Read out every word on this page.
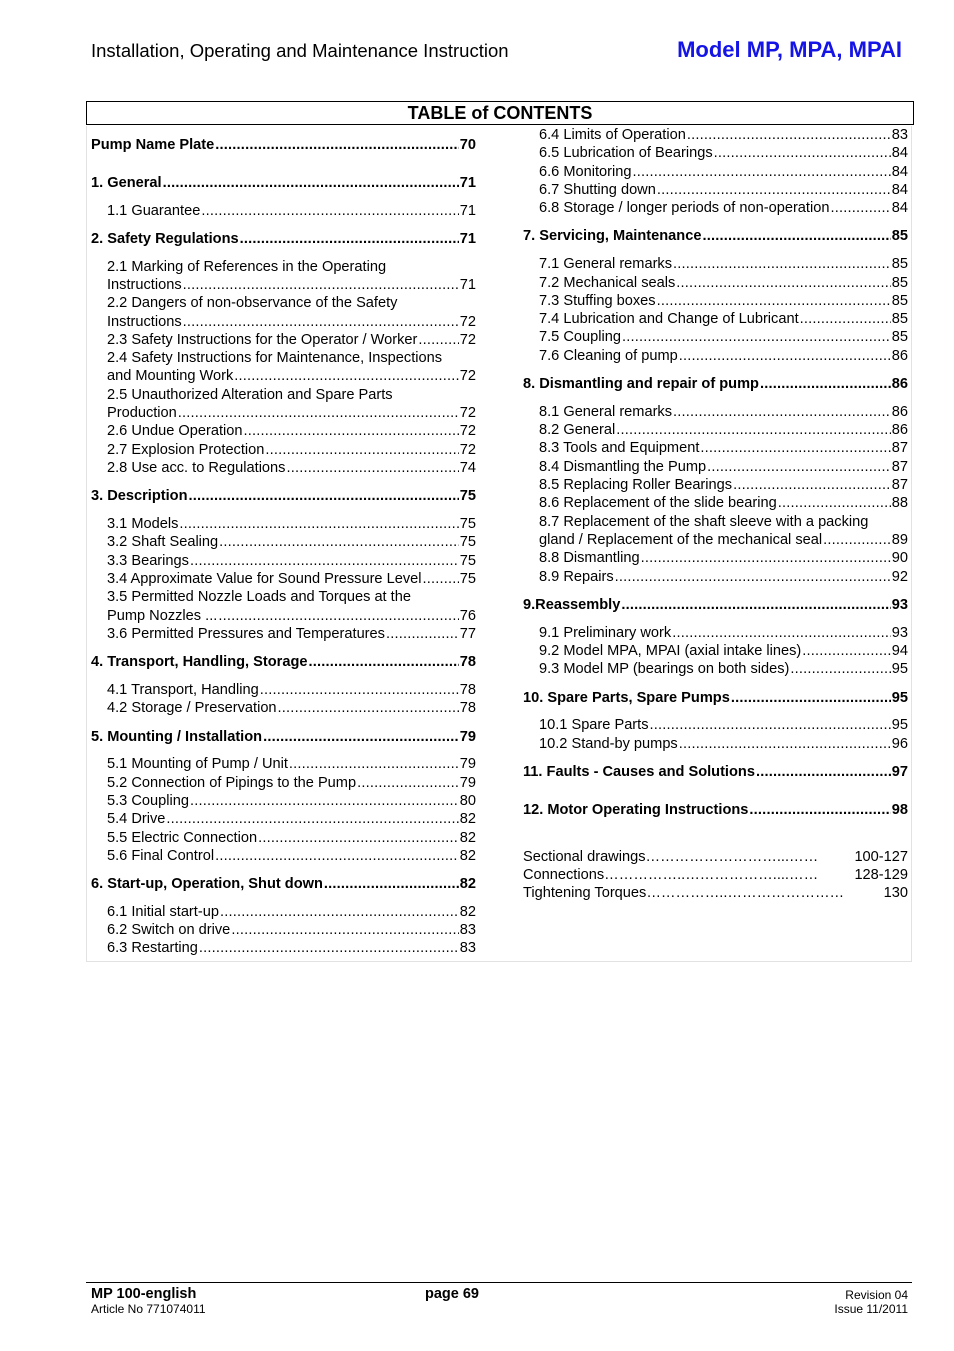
Installation, Operating and Maintenance Instruction	Model MP, MPA, MPAI
TABLE of CONTENTS
Pump Name Plate .....	70
1. General .....	71
1.1 Guarantee .....	71
2. Safety Regulations .....	71
2.1 Marking of References in the Operating
Instructions .....	71
2.2 Dangers of non-observance of the Safety
Instructions .....	72
2.3 Safety Instructions for the Operator / Worker .....	72
2.4 Safety Instructions for Maintenance, Inspections
and Mounting Work .....	72
2.5 Unauthorized Alteration and Spare Parts
Production .....	72
2.6 Undue Operation .....	72
2.7 Explosion Protection .....	72
2.8 Use acc. to Regulations .....	74
3. Description .....	75
3.1 Models .....	75
3.2 Shaft Sealing .....	75
3.3 Bearings .....	75
3.4 Approximate Value for Sound Pressure Level .....	75
3.5 Permitted Nozzle Loads and Torques at the
Pump Nozzles ... .....	76
3.6 Permitted Pressures and Temperatures .....	77
4. Transport, Handling, Storage .....	78
4.1 Transport, Handling .....	78
4.2 Storage / Preservation .....	78
5. Mounting / Installation .....	79
5.1 Mounting of Pump / Unit .....	79
5.2 Connection of Pipings to the Pump .....	79
5.3 Coupling .....	80
5.4 Drive .....	82
5.5 Electric Connection .....	82
5.6 Final Control .....	82
6. Start-up, Operation, Shut down .....	82
6.1 Initial start-up .....	82
6.2 Switch on drive .....	83
6.3 Restarting .....	83
6.4 Limits of Operation .....	83
6.5 Lubrication of Bearings .....	84
6.6 Monitoring .....	84
6.7 Shutting down .....	84
6.8 Storage / longer periods of non-operation .....	84
7. Servicing, Maintenance .....	85
7.1 General remarks .....	85
7.2 Mechanical seals .....	85
7.3 Stuffing boxes .....	85
7.4 Lubrication and Change of Lubricant .....	85
7.5 Coupling .....	85
7.6 Cleaning of pump .....	86
8. Dismantling and repair of pump .....	86
8.1 General remarks .....	86
8.2 General .....	86
8.3 Tools and Equipment .....	87
8.4 Dismantling the Pump .....	87
8.5 Replacing Roller Bearings .....	87
8.6 Replacement of the slide bearing .....	88
8.7 Replacement of the shaft sleeve with a packing
gland / Replacement of the mechanical seal .....	89
8.8 Dismantling .....	90
8.9 Repairs .....	92
9.Reassembly .....	93
9.1 Preliminary work .....	93
9.2 Model MPA, MPAI (axial intake lines) .....	94
9.3 Model MP (bearings on both sides) .....	95
10. Spare Parts, Spare Pumps .....	95
10.1 Spare Parts .....	95
10.2 Stand-by pumps .....	96
11. Faults - Causes and Solutions .....	97
12. Motor Operating Instructions .....	98
Sectional drawings………………………...…… 100-127
Connections……………..………………....…… 128-129
Tightening Torques……………..……………………	130
MP 100-english
Article No 771074011
page 69	Revision 04
Issue 11/2011
